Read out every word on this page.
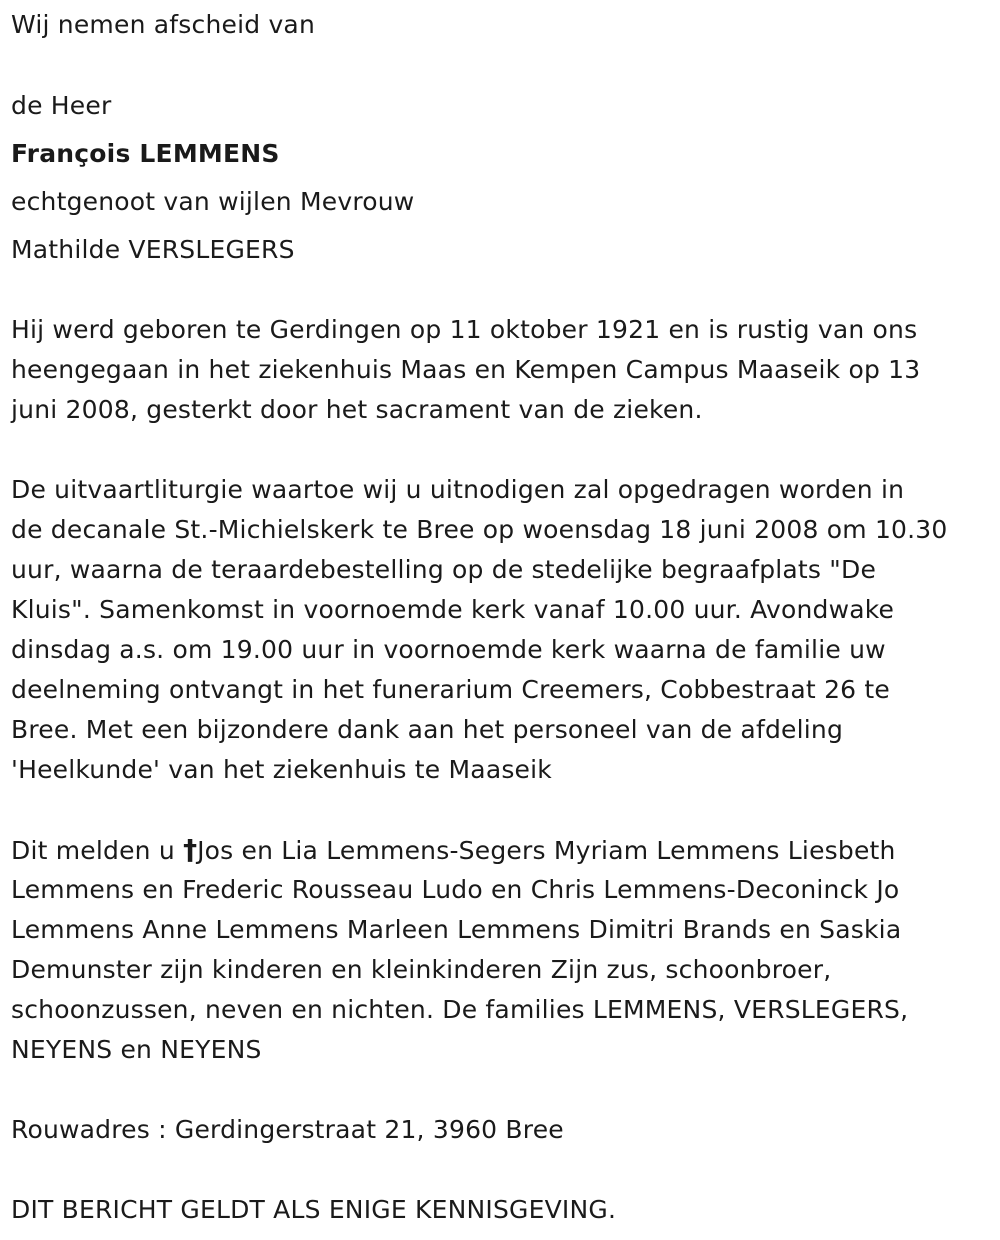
Wij nemen afscheid van
de Heer
François LEMMENS
echtgenoot van wijlen Mevrouw
Mathilde VERSLEGERS
Hij werd geboren te Gerdingen op 11 oktober 1921 en is rustig van ons
heengegaan in het ziekenhuis Maas en Kempen Campus Maaseik op 13
juni 2008, gesterkt door het sacrament van de zieken.
De uitvaartliturgie waartoe wij u uitnodigen zal opgedragen worden in
de decanale St.-Michielskerk te Bree op woensdag 18 juni 2008 om 10.30
uur, waarna de teraardebestelling op de stedelijke begraafplats "De
Kluis". Samenkomst in voornoemde kerk vanaf 10.00 uur. Avondwake
dinsdag a.s. om 19.00 uur in voornoemde kerk waarna de familie uw
deelneming ontvangt in het funerarium Creemers, Cobbestraat 26 te
Bree. Met een bijzondere dank aan het personeel van de afdeling
'Heelkunde' van het ziekenhuis te Maaseik
Dit melden u †Jos en Lia Lemmens-Segers Myriam Lemmens Liesbeth
Lemmens en Frederic Rousseau Ludo en Chris Lemmens-Deconinck Jo
Lemmens Anne Lemmens Marleen Lemmens Dimitri Brands en Saskia
Demunster zijn kinderen en kleinkinderen Zijn zus, schoonbroer,
schoonzussen, neven en nichten. De families LEMMENS, VERSLEGERS,
NEYENS en NEYENS
Rouwadres : Gerdingerstraat 21, 3960 Bree
DIT BERICHT GELDT ALS ENIGE KENNISGEVING.
